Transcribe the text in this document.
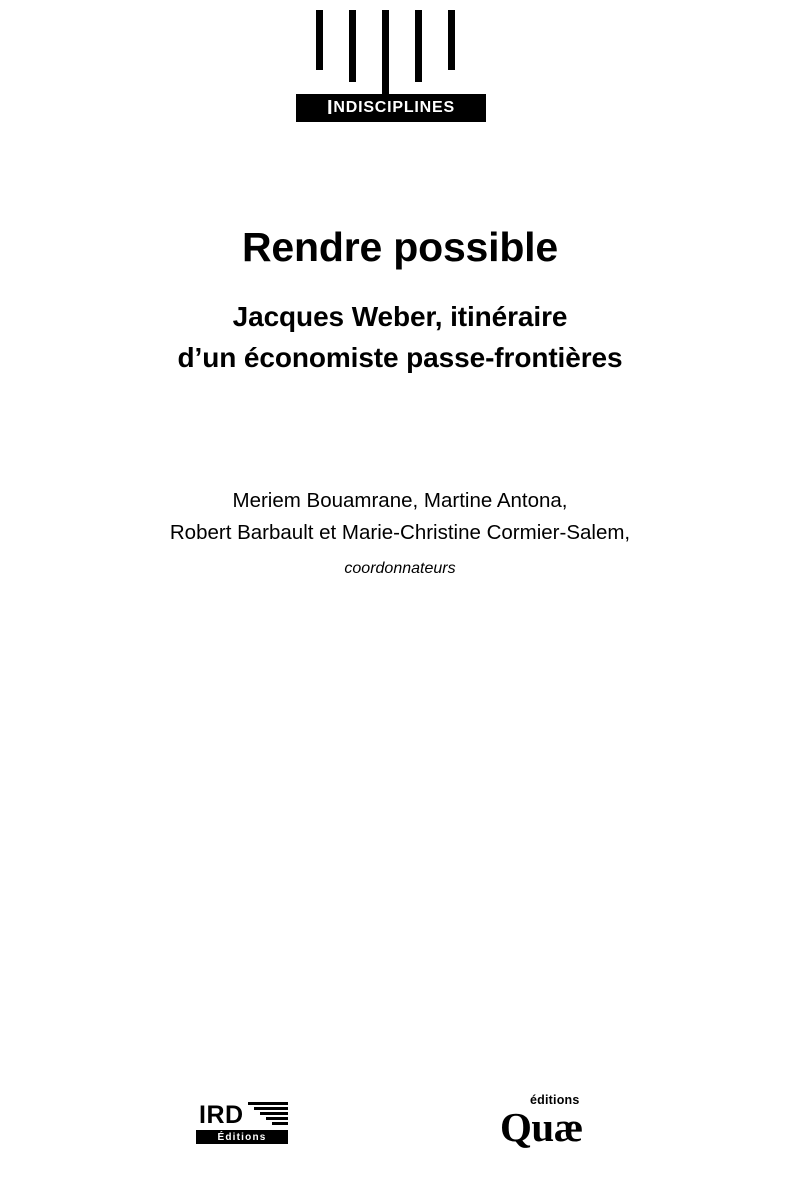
I NDISCIPLINES
Rendre possible
Jacques Weber, itinéraire
d’un économiste passe-frontières
Meriem Bouamrane, Martine Antona,
Robert Barbault et Marie-Christine Cormier-Salem,
coordonnateurs
IRD
Éditions
éditions
Quæ
